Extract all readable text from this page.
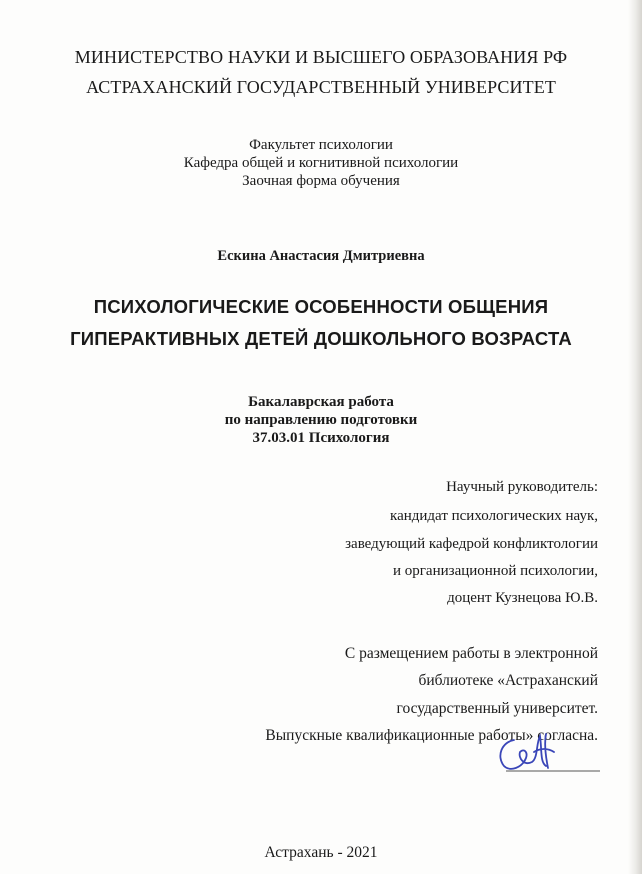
МИНИСТЕРСТВО НАУКИ И ВЫСШЕГО ОБРАЗОВАНИЯ РФ
АСТРАХАНСКИЙ ГОСУДАРСТВЕННЫЙ УНИВЕРСИТЕТ
Факультет психологии
Кафедра общей и когнитивной психологии
Заочная форма обучения
Ескина Анастасия Дмитриевна
ПСИХОЛОГИЧЕСКИЕ ОСОБЕННОСТИ ОБЩЕНИЯ
ГИПЕРАКТИВНЫХ ДЕТЕЙ ДОШКОЛЬНОГО ВОЗРАСТА
Бакалаврская работа
по направлению подготовки
37.03.01 Психология
Научный руководитель:
кандидат психологических наук,
заведующий кафедрой конфликтологии
и организационной психологии,
доцент Кузнецова Ю.В.
С размещением работы в электронной
библиотеке «Астраханский
государственный университет.
Выпускные квалификационные работы» согласна.
Астрахань - 2021
